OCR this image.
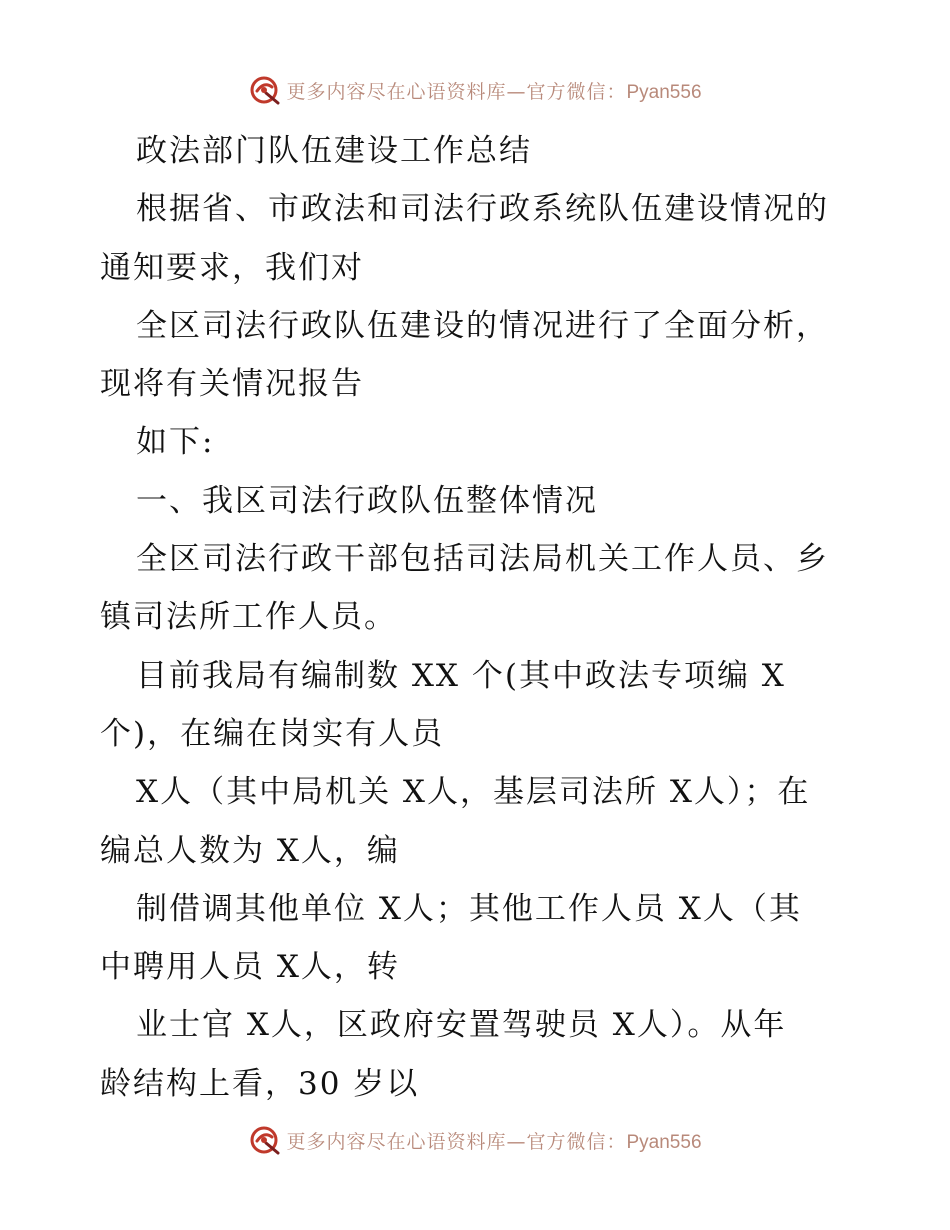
更多内容尽在心语资料库—官方微信：Pyan556
政法部门队伍建设工作总结
根据省、市政法和司法行政系统队伍建设情况的
通知要求，我们对
全区司法行政队伍建设的情况进行了全面分析，
现将有关情况报告
如下:
一、我区司法行政队伍整体情况
全区司法行政干部包括司法局机关工作人员、乡
镇司法所工作人员。
目前我局有编制数 XX 个(其中政法专项编 X
个)，在编在岗实有人员
X人（其中局机关 X人，基层司法所 X人）；在
编总人数为 X人，编
制借调其他单位 X人；其他工作人员 X人（其
中聘用人员 X人，转
业士官 X人，区政府安置驾驶员 X人）。从年
龄结构上看，30 岁以
更多内容尽在心语资料库—官方微信：Pyan556
